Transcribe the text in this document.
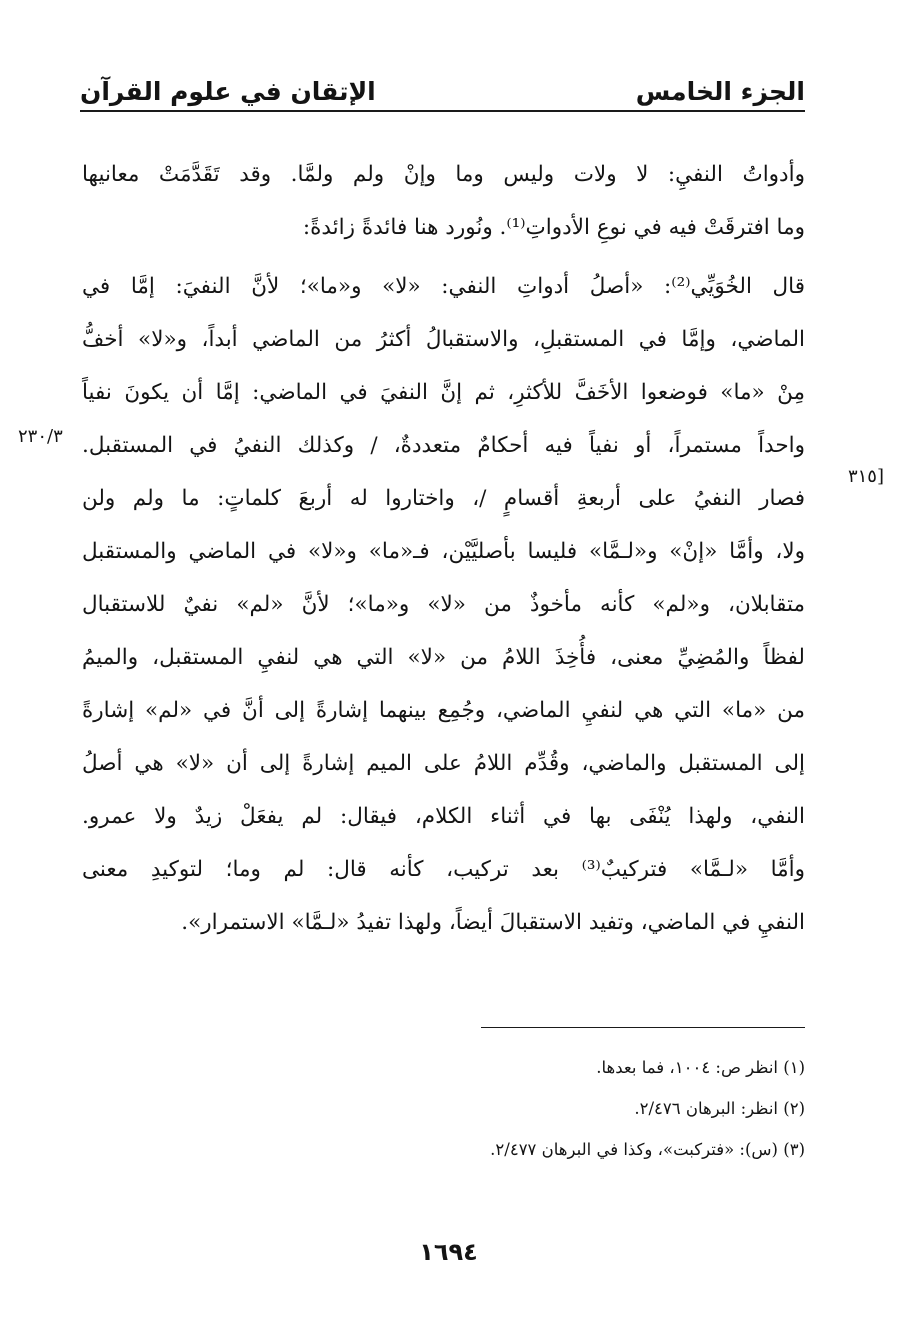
الجزء الخامس
الإتقان في علوم القرآن
٢٣٠/٣
[٣١٥
وأدواتُ النفيِ: لا ولات وليس وما وإنْ ولم ولمَّا. وقد تَقَدَّمَتْ معانيها
وما افترقَتْ فيه في نوعِ الأدواتِ⁽¹⁾. ونُورد هنا فائدةً زائدةً:
قال الخُوَيِّي⁽²⁾: «أصلُ أدواتِ النفي: «لا» و«ما»؛ لأنَّ النفيَ: إمَّا في
الماضي، وإمَّا في المستقبلِ، والاستقبالُ أكثرُ من الماضي أبداً، و«لا» أخفُّ
مِنْ «ما» فوضعوا الأخَفَّ للأكثرِ، ثم إنَّ النفيَ في الماضي: إمَّا أن يكونَ نفياً
واحداً مستمراً، أو نفياً فيه أحكامٌ متعددةٌ، / وكذلك النفيُ في المستقبل.
فصار النفيُ على أربعةِ أقسامٍ /، واختاروا له أربعَ كلماتٍ: ما ولم ولن
ولا، وأمَّا «إنْ» و«لـمَّا» فليسا بأصليَّيْن، فـ«ما» و«لا» في الماضي والمستقبل
متقابلان، و«لم» كأنه مأخوذٌ من «لا» و«ما»؛ لأنَّ «لم» نفيٌ للاستقبال
لفظاً والمُضِيِّ معنى، فأُخِذَ اللامُ من «لا» التي هي لنفيِ المستقبل، والميمُ
من «ما» التي هي لنفيِ الماضي، وجُمِع بينهما إشارةً إلى أنَّ في «لم» إشارةً
إلى المستقبل والماضي، وقُدِّم اللامُ على الميم إشارةً إلى أن «لا» هي أصلُ
النفي، ولهذا يُنْفَى بها في أثناء الكلام، فيقال: لم يفعَلْ زيدٌ ولا عمرو.
وأمَّا «لـمَّا» فتركيبٌ⁽³⁾ بعد تركيب، كأنه قال: لم وما؛ لتوكيدِ معنى
النفيِ في الماضي، وتفيد الاستقبالَ أيضاً، ولهذا تفيدُ «لـمَّا» الاستمرار».
(١) انظر ص: ١٠٠٤، فما بعدها.
(٢) انظر: البرهان ٢/٤٧٦.
(٣) (س): «فتركبت»، وكذا في البرهان ٢/٤٧٧.
١٦٩٤
